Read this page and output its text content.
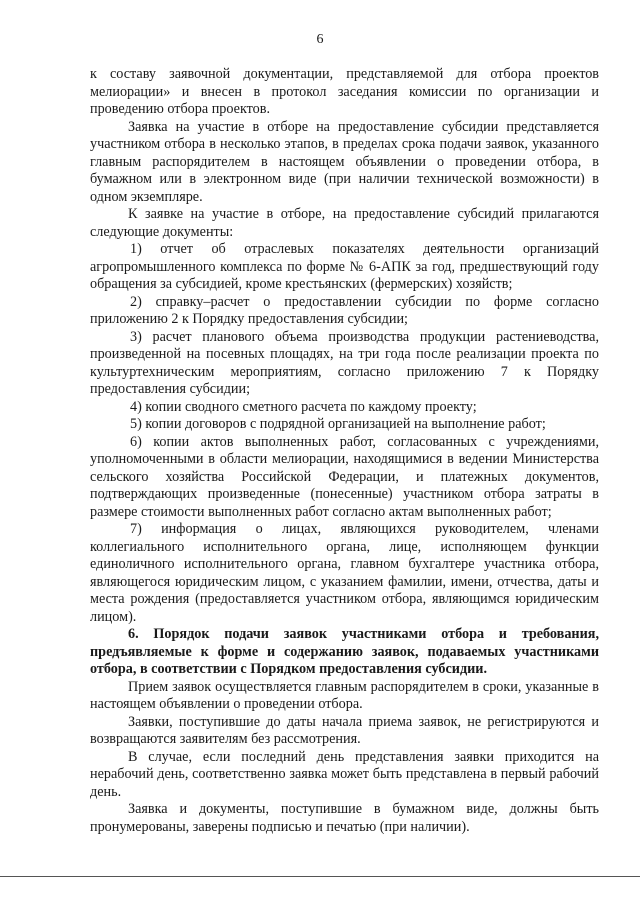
6

к составу заявочной документации, представляемой для отбора проектов мелиорации» и внесен в протокол заседания комиссии по организации и проведению отбора проектов.

Заявка на участие в отборе на предоставление субсидии представляется участником отбора в несколько этапов, в пределах срока подачи заявок, указанного главным распорядителем в настоящем объявлении о проведении отбора, в бумажном или в электронном виде (при наличии технической возможности) в одном экземпляре.

К заявке на участие в отборе, на предоставление субсидий прилагаются следующие документы:

1) отчет об отраслевых показателях деятельности организаций агропромышленного комплекса по форме № 6-АПК за год, предшествующий году обращения за субсидией, кроме крестьянских (фермерских) хозяйств;

2) справку–расчет о предоставлении субсидии по форме согласно приложению 2 к Порядку предоставления субсидии;

3) расчет планового объема производства продукции растениеводства, произведенной на посевных площадях, на три года после реализации проекта по культуртехническим мероприятиям, согласно приложению 7 к Порядку предоставления субсидии;

4) копии сводного сметного расчета по каждому проекту;

5) копии договоров с подрядной организацией на выполнение работ;

6) копии актов выполненных работ, согласованных с учреждениями, уполномоченными в области мелиорации, находящимися в ведении Министерства сельского хозяйства Российской Федерации, и платежных документов, подтверждающих произведенные (понесенные) участником отбора затраты в размере стоимости выполненных работ согласно актам выполненных работ;

7) информация о лицах, являющихся руководителем, членами коллегиального исполнительного органа, лице, исполняющем функции единоличного исполнительного органа, главном бухгалтере участника отбора, являющегося юридическим лицом, с указанием фамилии, имени, отчества, даты и места рождения (предоставляется участником отбора, являющимся юридическим лицом).

6. Порядок подачи заявок участниками отбора и требования, предъявляемые к форме и содержанию заявок, подаваемых участниками отбора, в соответствии с Порядком предоставления субсидии.

Прием заявок осуществляется главным распорядителем в сроки, указанные в настоящем объявлении о проведении отбора.

Заявки, поступившие до даты начала приема заявок, не регистрируются и возвращаются заявителям без рассмотрения.

В случае, если последний день представления заявки приходится на нерабочий день, соответственно заявка может быть представлена в первый рабочий день.

Заявка и документы, поступившие в бумажном виде, должны быть пронумерованы, заверены подписью и печатью (при наличии).
